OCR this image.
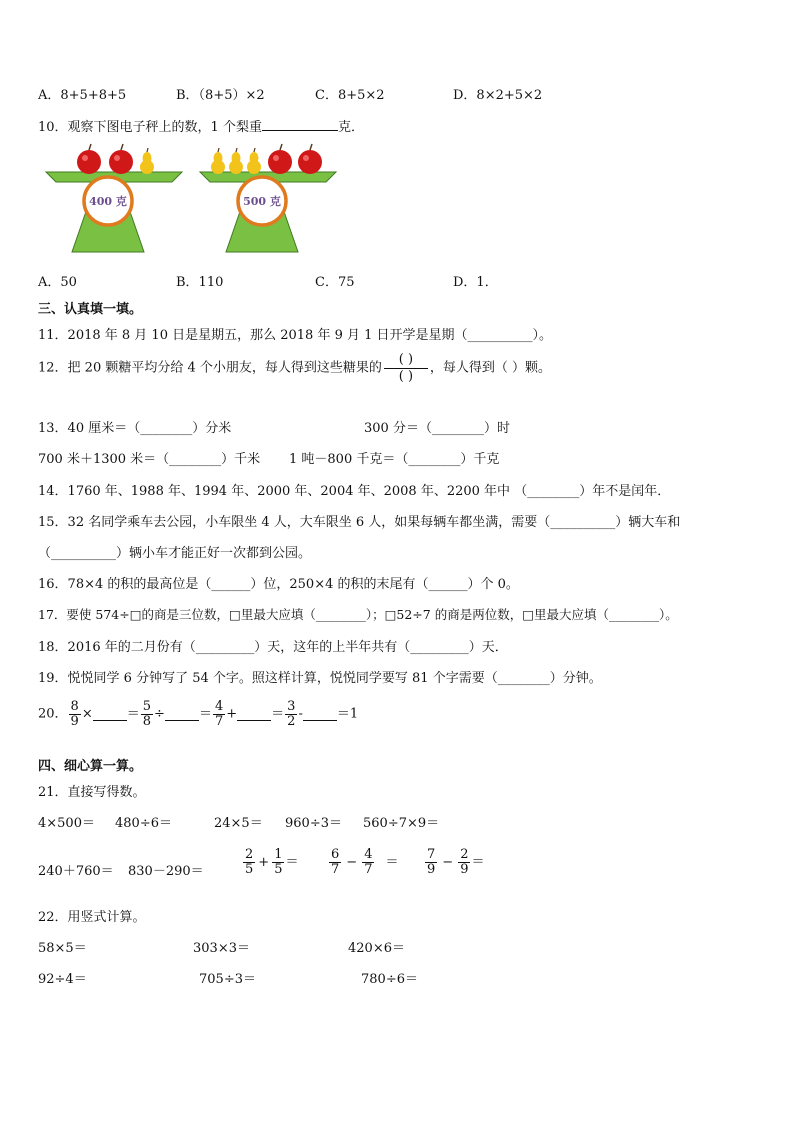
A．8+5+8+5	B．（8+5）×2	C．8+5×2	D．8×2+5×2
10．观察下图电子秤上的数，1 个梨重	克．
400 克	500 克
A．50	B．110	C．75	D．1．
三、认真填一填。
11．2018 年 8 月 10 日是星期五，那么 2018 年 9 月 1 日开学是星期（__________）。
12．把 20 颗糖平均分给 4 个小朋友，每人得到这些糖果的
( )
( )
，每人得到（ ）颗。
13．40 厘米＝（________）分米	300 分＝（________）时
700 米＋1300 米＝（________）千米 1 吨－800 千克＝（________）千克
14．1760 年、1988 年、1994 年、2000 年、2004 年、2008 年、2200 年中 （________）年不是闰年．
15．32 名同学乘车去公园，小车限坐 4 人，大车限坐 6 人，如果每辆车都坐满，需要（__________）辆大车和
（__________）辆小车才能正好一次都到公园。
16．78×4 的积的最高位是（______）位，250×4 的积的末尾有（______）个 0。
17．要使 574÷□的商是三位数，□里最大应填（________）；□52÷7 的商是两位数，□里最大应填（________）。
18．2016 年的二月份有（_________）天，这年的上半年共有（_________）天．
19．悦悦同学 6 分钟写了 54 个字。照这样计算，悦悦同学要写 81 个字需要（________）分钟。
20． $\frac{8}{9}$ ×	＝ $\frac{5}{8}$ ÷	＝ $\frac{4}{7}$ +	＝ $\frac{3}{2}$ -	＝1
四、细心算一算。
21．直接写得数。
4×500＝ 480÷6＝	24×5＝ 960÷3＝ 560÷7×9＝
240＋760＝ 830－290＝	$\frac{2}{5} + \frac{1}{5} = \frac{6}{7} - \frac{4}{7} = \frac{7}{9} - \frac{2}{9}$ ＝
22．用竖式计算。
58×5＝	303×3＝	420×6＝
92÷4＝	705÷3＝	780÷6＝
